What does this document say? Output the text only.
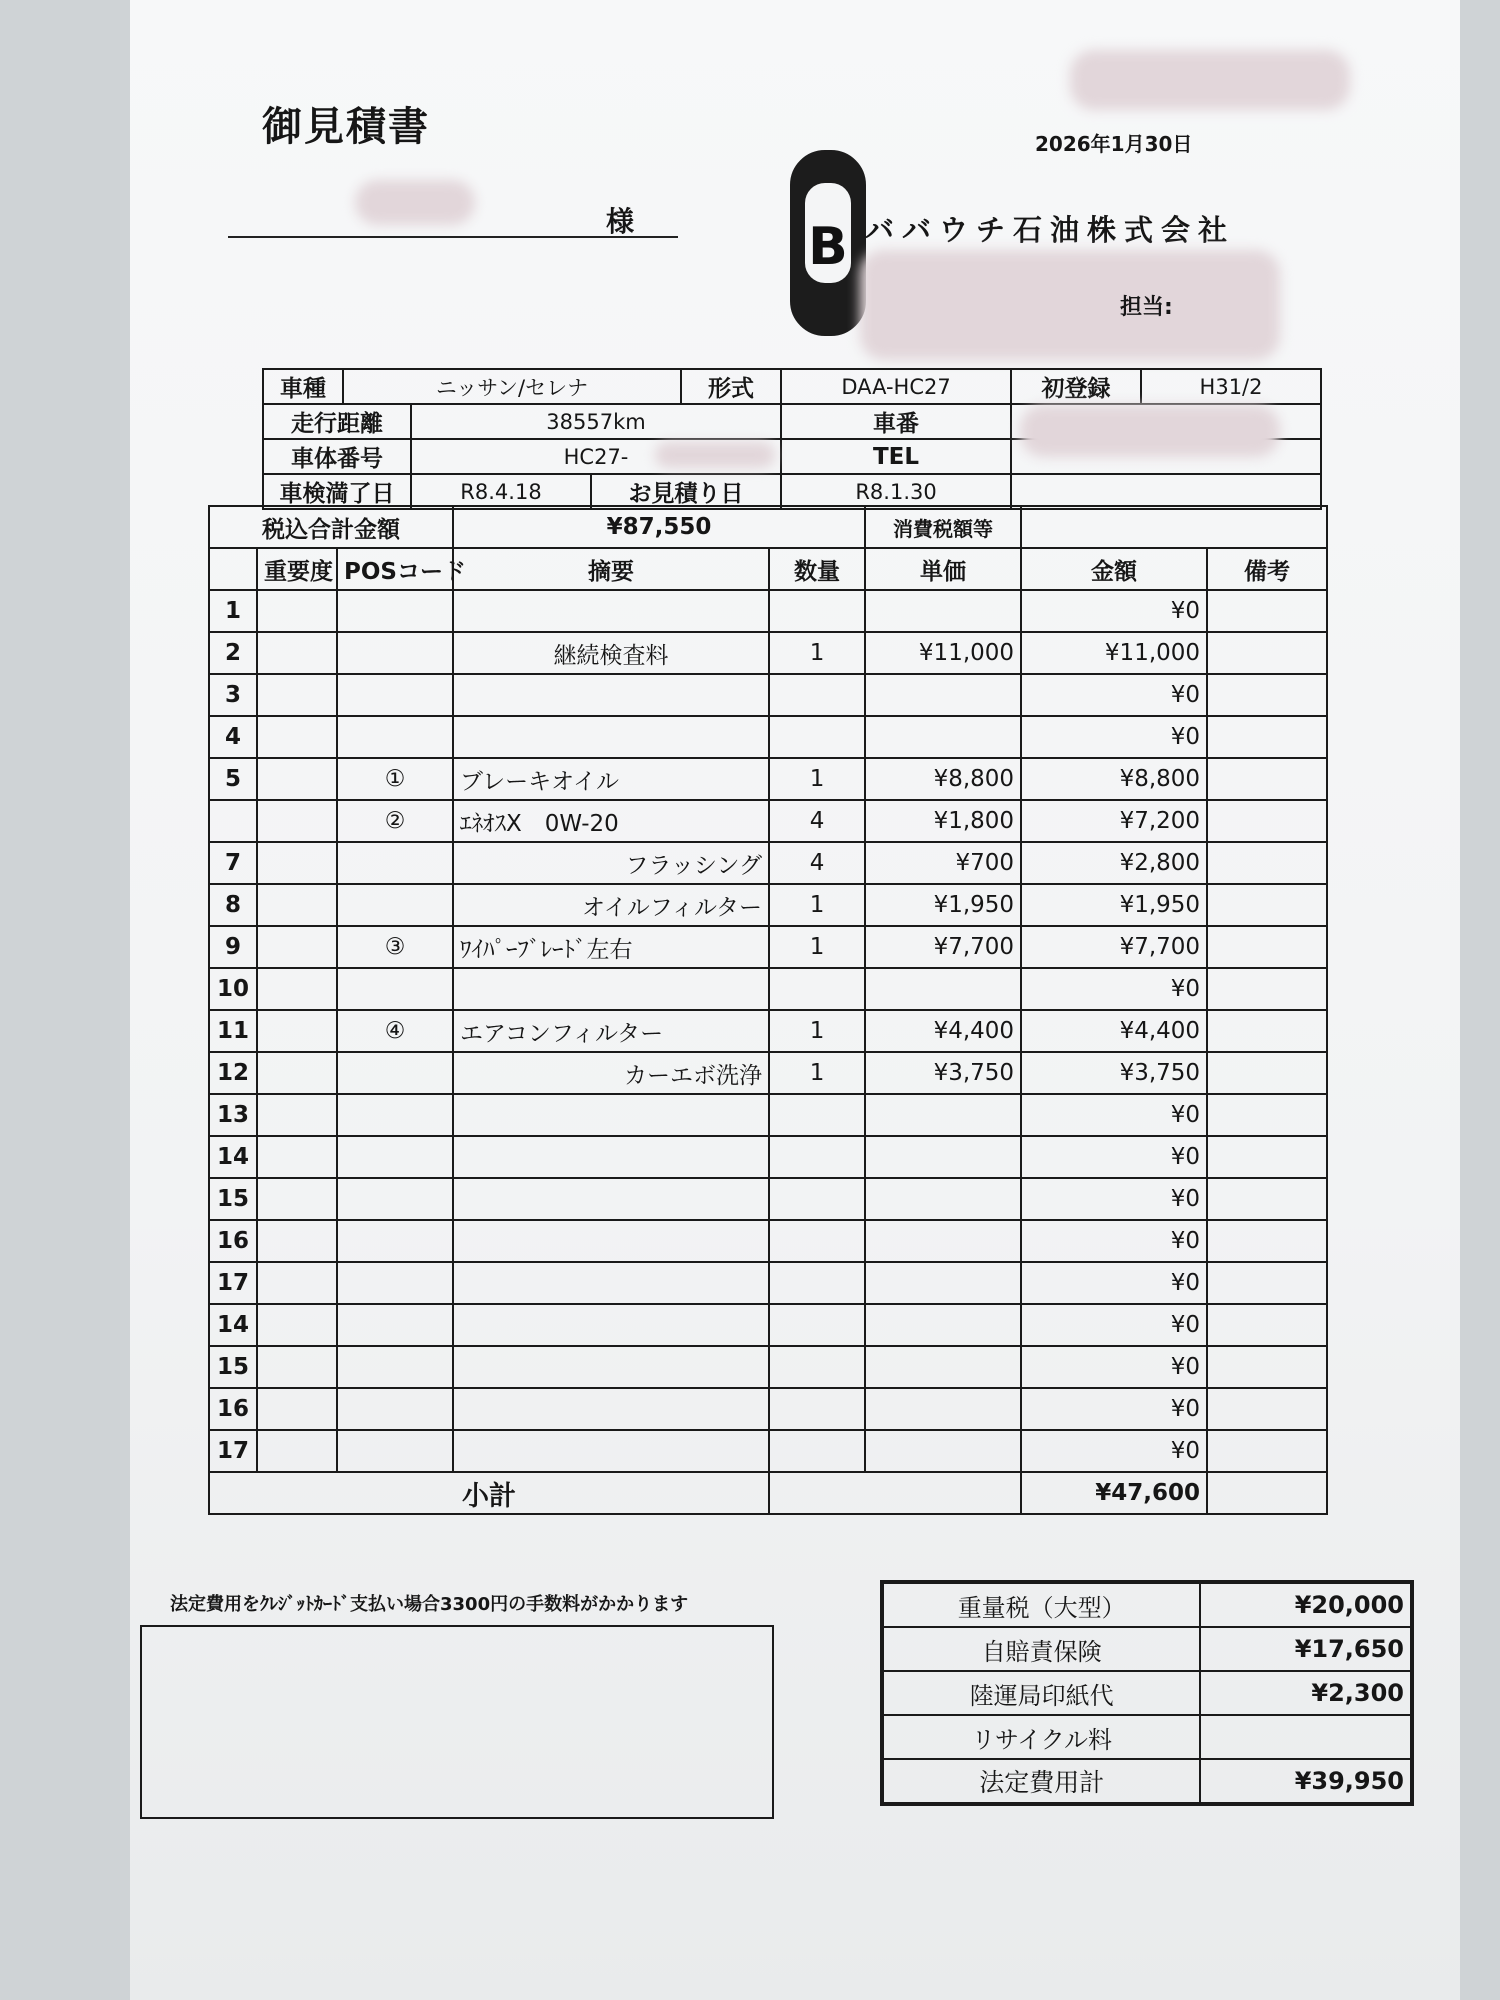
御見積書	2026年1月30日
様	B ババウチ石油株式会社
担当:
車種	ニッサン/セレナ			形式	DAA-HC27	初登録	H31/2
走行距離		38557km			車番		
車体番号		HC27-			TEL		
車検満了日		R8.4.18	お見積り日		R8.1.30		
税込合計金額			¥87,550		消費税額等		
	重要度	POSコード	摘要	数量	単価	金額	備考
1						¥0	
2			継続検査料	1	¥11,000	¥11,000	
3						¥0	
4						¥0	
5		①	ブレーキオイル	1	¥8,800	¥8,800	
		②	ｴﾈｵｽX　0W-20	4	¥1,800	¥7,200	
7			フラッシング	4	¥700	¥2,800	
8			オイルフィルター	1	¥1,950	¥1,950	
9		③	ﾜｲﾊﾟｰﾌﾞﾚｰﾄﾞ左右	1	¥7,700	¥7,700	
10						¥0	
11		④	エアコンフィルター	1	¥4,400	¥4,400	
12			カーエボ洗浄	1	¥3,750	¥3,750	
13						¥0	
14						¥0	
15						¥0	
16						¥0	
17						¥0	
14						¥0	
15						¥0	
16						¥0	
17						¥0	
小計						¥47,600	
法定費用をｸﾚｼﾞｯﾄｶｰﾄﾞ支払い場合3300円の手数料がかかります	重量税（大型）	¥20,000
自賠責保険	¥17,650
陸運局印紙代	¥2,300
リサイクル料	
法定費用計	¥39,950
